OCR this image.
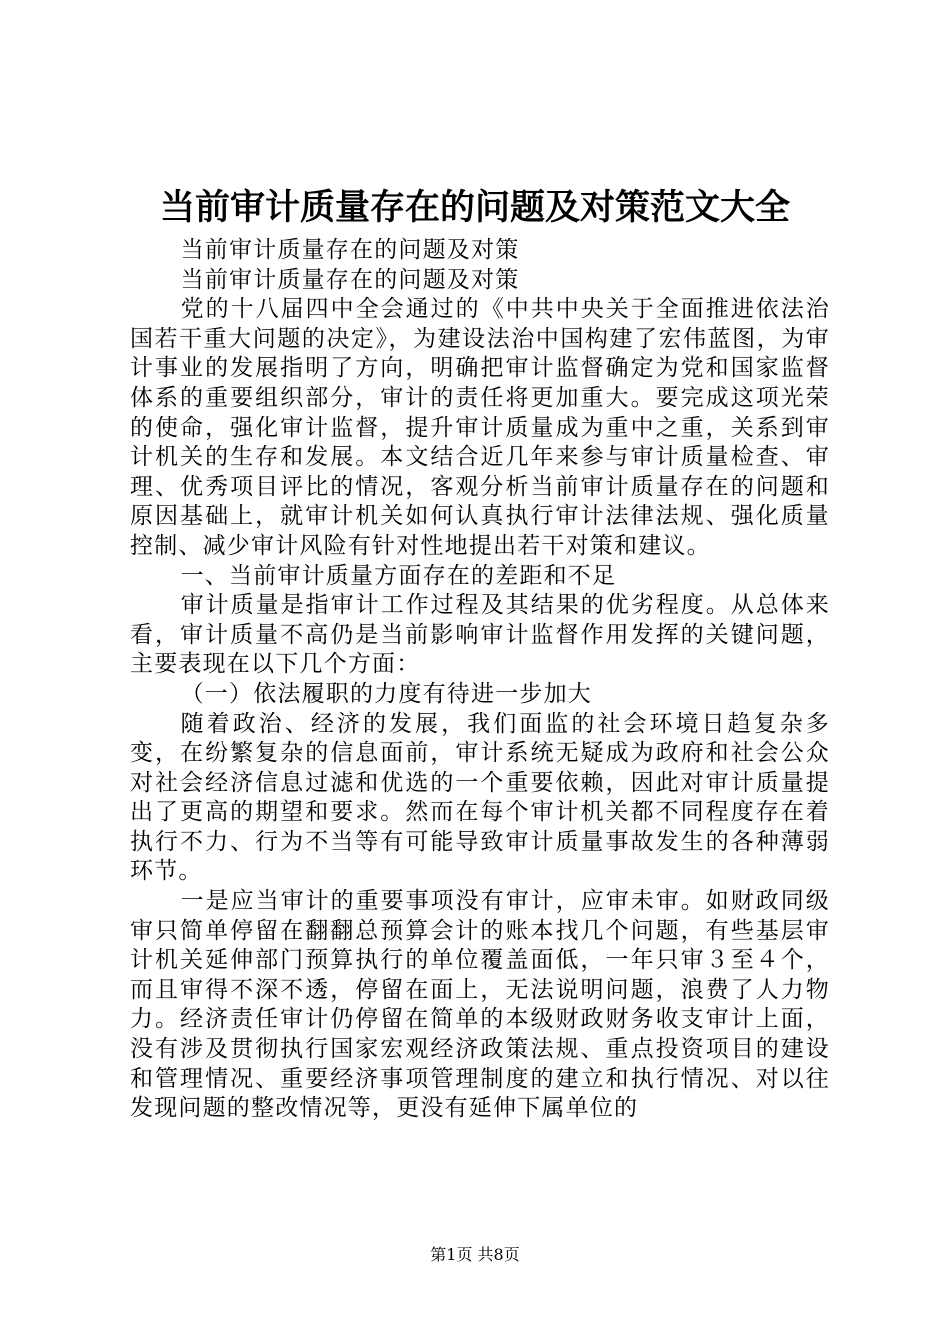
当前审计质量存在的问题及对策范文大全

当前审计质量存在的问题及对策

当前审计质量存在的问题及对策

党的十八届四中全会通过的《中共中央关于全面推进依法治国若干重大问题的决定》，为建设法治中国构建了宏伟蓝图，为审计事业的发展指明了方向，明确把审计监督确定为党和国家监督体系的重要组织部分，审计的责任将更加重大。要完成这项光荣的使命，强化审计监督，提升审计质量成为重中之重，关系到审计机关的生存和发展。本文结合近几年来参与审计质量检查、审理、优秀项目评比的情况，客观分析当前审计质量存在的问题和原因基础上，就审计机关如何认真执行审计法律法规、强化质量控制、减少审计风险有针对性地提出若干对策和建议。

一、当前审计质量方面存在的差距和不足

审计质量是指审计工作过程及其结果的优劣程度。从总体来看，审计质量不高仍是当前影响审计监督作用发挥的关键问题，主要表现在以下几个方面：

（一）依法履职的力度有待进一步加大

随着政治、经济的发展，我们面监的社会环境日趋复杂多变，在纷繁复杂的信息面前，审计系统无疑成为政府和社会公众对社会经济信息过滤和优选的一个重要依赖，因此对审计质量提出了更高的期望和要求。然而在每个审计机关都不同程度存在着执行不力、行为不当等有可能导致审计质量事故发生的各种薄弱环节。

一是应当审计的重要事项没有审计，应审未审。如财政同级审只简单停留在翻翻总预算会计的账本找几个问题，有些基层审计机关延伸部门预算执行的单位覆盖面低，一年只审３至４个，而且审得不深不透，停留在面上，无法说明问题，浪费了人力物力。经济责任审计仍停留在简单的本级财政财务收支审计上面，没有涉及贯彻执行国家宏观经济政策法规、重点投资项目的建设和管理情况、重要经济事项管理制度的建立和执行情况、对以往发现问题的整改情况等，更没有延伸下属单位的

第1页 共8页
